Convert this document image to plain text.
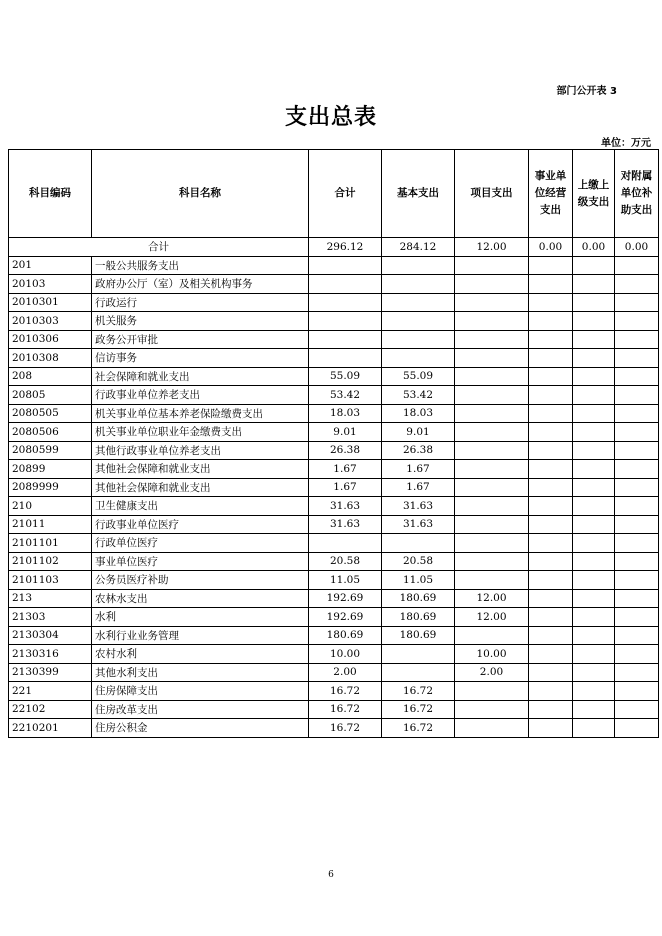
部门公开表 3
支出总表
单位：万元
科目编码	科目名称	合计	基本支出	项目支出	事业单位经营支出	上缴上级支出	对附属单位补助支出
合计		296.12	284.12	12.00	0.00	0.00	0.00
201	一般公共服务支出						
20103	政府办公厅（室）及相关机构事务						
2010301	行政运行						
2010303	机关服务						
2010306	政务公开审批						
2010308	信访事务						
208	社会保障和就业支出	55.09	55.09				
20805	行政事业单位养老支出	53.42	53.42				
2080505	机关事业单位基本养老保险缴费支出	18.03	18.03				
2080506	机关事业单位职业年金缴费支出	9.01	9.01				
2080599	其他行政事业单位养老支出	26.38	26.38				
20899	其他社会保障和就业支出	1.67	1.67				
2089999	其他社会保障和就业支出	1.67	1.67				
210	卫生健康支出	31.63	31.63				
21011	行政事业单位医疗	31.63	31.63				
2101101	行政单位医疗						
2101102	事业单位医疗	20.58	20.58				
2101103	公务员医疗补助	11.05	11.05				
213	农林水支出	192.69	180.69	12.00			
21303	水利	192.69	180.69	12.00			
2130304	水利行业业务管理	180.69	180.69				
2130316	农村水利	10.00		10.00			
2130399	其他水利支出	2.00		2.00			
221	住房保障支出	16.72	16.72				
22102	住房改革支出	16.72	16.72				
2210201	住房公积金	16.72	16.72				
6
